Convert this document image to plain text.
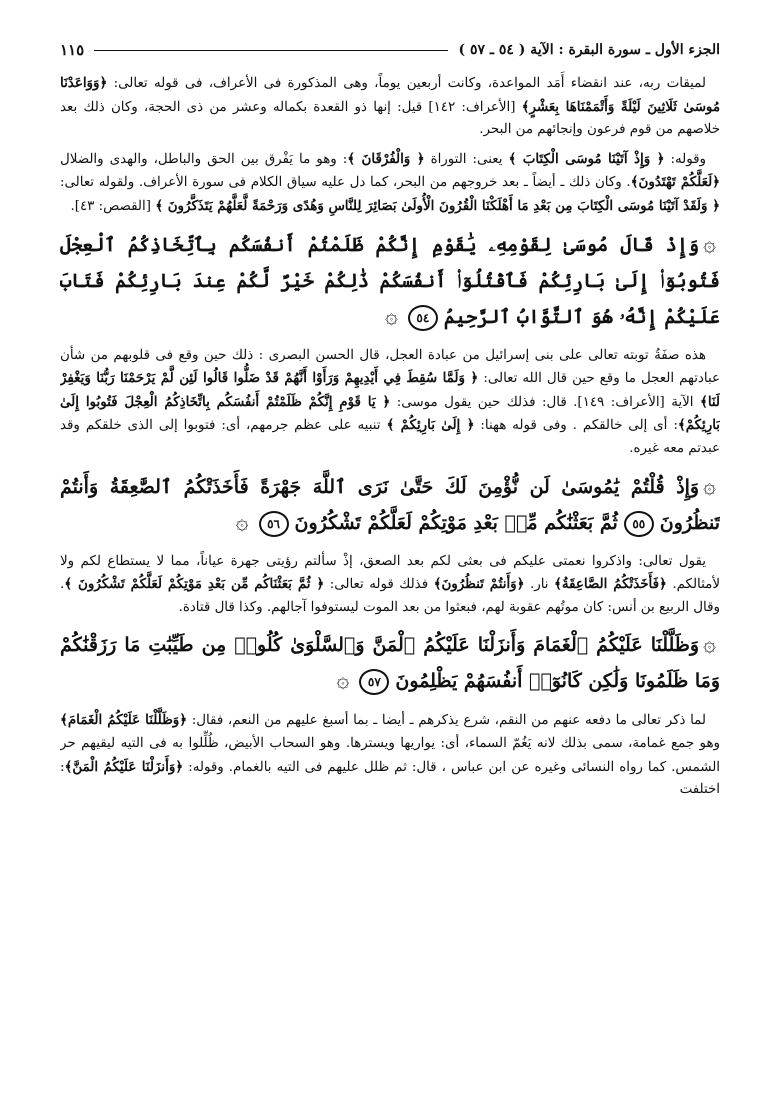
الجزء الأول ـ سورة البقرة : الآية ( ٥٤ ـ ٥٧ )
١١٥

لميقات ربه، عند انقضاء أَمَد المواعدة، وكانت أربعين يوماً، وهى المذكورة فى الأعراف، فى قوله تعالى: ﴿وَوَاعَدْنَا مُوسَىٰ ثَلَاثِينَ لَيْلَةً وَأَتْمَمْنَاهَا بِعَشْرٍ﴾ [الأعراف: ١٤٢] قيل: إنها ذو القعدة بكماله وعشر من ذى الحجة، وكان ذلك بعد خلاصهم من قوم فرعون وإنجائهم من البحر.

وقوله: ﴿ وَإِذْ آتَيْنَا مُوسَى الْكِتَابَ ﴾ يعنى: التوراة ﴿ وَالْفُرْقَانَ ﴾: وهو ما يَفْرق بين الحق والباطل، والهدى والضلال ﴿لَعَلَّكُمْ تَهْتَدُونَ﴾. وكان ذلك ـ أيضاً ـ بعد خروجهم من البحر، كما دل عليه سياق الكلام فى سورة الأعراف. ولقوله تعالى: ﴿ وَلَقَدْ آتَيْنَا مُوسَى الْكِتَابَ مِن بَعْدِ مَا أَهْلَكْنَا الْقُرُونَ الْأُولَىٰ بَصَائِرَ لِلنَّاسِ وَهُدًى وَرَحْمَةً لَّعَلَّهُمْ يَتَذَكَّرُونَ ﴾ [القصص: ٤٣].

۞وَإِذْ قَالَ مُوسَىٰ لِقَوْمِهِۦ يَٰقَوْمِ إِنَّكُمْ ظَلَمْتُمْ أَنفُسَكُم بِٱتِّخَاذِكُمُ ٱلْعِجْلَ فَتُوبُوٓا۟ إِلَىٰ بَارِئِكُمْ فَٱقْتُلُوٓا۟ أَنفُسَكُمْ ذَٰلِكُمْ خَيْرٌ لَّكُمْ عِندَ بَارِئِكُمْ فَتَابَ عَلَيْكُمْ إِنَّهُۥ هُوَ ٱلتَّوَّابُ ٱلرَّحِيمُ٥٤۞

هذه صفَةُ توبته تعالى على بنى إسرائيل من عبادة العجل، قال الحسن البصرى : ذلك حين وقع فى قلوبهم من شأن عبادتهم العجل ما وقع حين قال الله تعالى: ﴿ وَلَمَّا سُقِطَ فِي أَيْدِيهِمْ وَرَأَوْا أَنَّهُمْ قَدْ ضَلُّوا قَالُوا لَئِن لَّمْ يَرْحَمْنَا رَبُّنَا وَيَغْفِرْ لَنَا﴾ الآية [الأعراف: ١٤٩]. قال: فذلك حين يقول موسى: ﴿ يَا قَوْمِ إِنَّكُمْ ظَلَمْتُمْ أَنفُسَكُم بِاتِّخَاذِكُمُ الْعِجْلَ فَتُوبُوا إِلَىٰ بَارِئِكُمْ﴾: أى إلى خالقكم . وفى قوله ههنا: ﴿ إِلَىٰ بَارِئِكُمْ ﴾ تنبيه على عظم جرمهم، أى: فتوبوا إلى الذى خلقكم وقد عبدتم معه غيره.

۞وَإِذْ قُلْتُمْ يَٰمُوسَىٰ لَن نُّؤْمِنَ لَكَ حَتَّىٰ نَرَى ٱللَّهَ جَهْرَةً فَأَخَذَتْكُمُ ٱلصَّٰعِقَةُ وَأَنتُمْ تَنظُرُونَ٥٥ثُمَّ بَعَثْنَٰكُم مِّنۢ بَعْدِ مَوْتِكُمْ لَعَلَّكُمْ تَشْكُرُونَ٥٦۞

يقول تعالى: واذكروا نعمتى عليكم فى بعثى لكم بعد الصعق، إذْ سألتم رؤيتى جهرة عياناً، مما لا يستطاع لكم ولا لأمثالكم. ﴿فَأَخَذَتْكُمُ الصَّاعِقَةُ﴾ نار. ﴿وَأَنتُمْ تَنظُرُونَ﴾ فذلك قوله تعالى: ﴿ ثُمَّ بَعَثْنَاكُم مِّن بَعْدِ مَوْتِكُمْ لَعَلَّكُمْ تَشْكُرُونَ ﴾. وقال الربيع بن أنس: كان موتُهم عقوبة لهم، فبعثوا من بعد الموت ليستوفوا آجالهم. وكذا قال قتادة.

۞وَظَلَّلْنَا عَلَيْكُمُ ٱلْغَمَامَ وَأَنزَلْنَا عَلَيْكُمُ ٱلْمَنَّ وَٱلسَّلْوَىٰ كُلُوا۟ مِن طَيِّبَٰتِ مَا رَزَقْنَٰكُمْ وَمَا ظَلَمُونَا وَلَٰكِن كَانُوٓا۟ أَنفُسَهُمْ يَظْلِمُونَ٥٧۞

لما ذكر تعالى ما دفعه عنهم من النقم، شرع يذكرهم ـ أيضا ـ بما أسبغ عليهم من النعم، فقال: ﴿وَظَلَّلْنَا عَلَيْكُمُ الْغَمَامَ﴾ وهو جمع غمامة، سمى بذلك لانه يَغُمّ السماء، أى: يواريها ويسترها. وهو السحاب الأبيض، ظُلِّلوا به فى التيه ليقيهم حر الشمس. كما رواه النسائى وغيره عن ابن عباس ، قال: ثم ظلل عليهم فى التيه بالغمام. وقوله: ﴿وَأَنزَلْنَا عَلَيْكُمُ الْمَنَّ﴾: اختلفت
